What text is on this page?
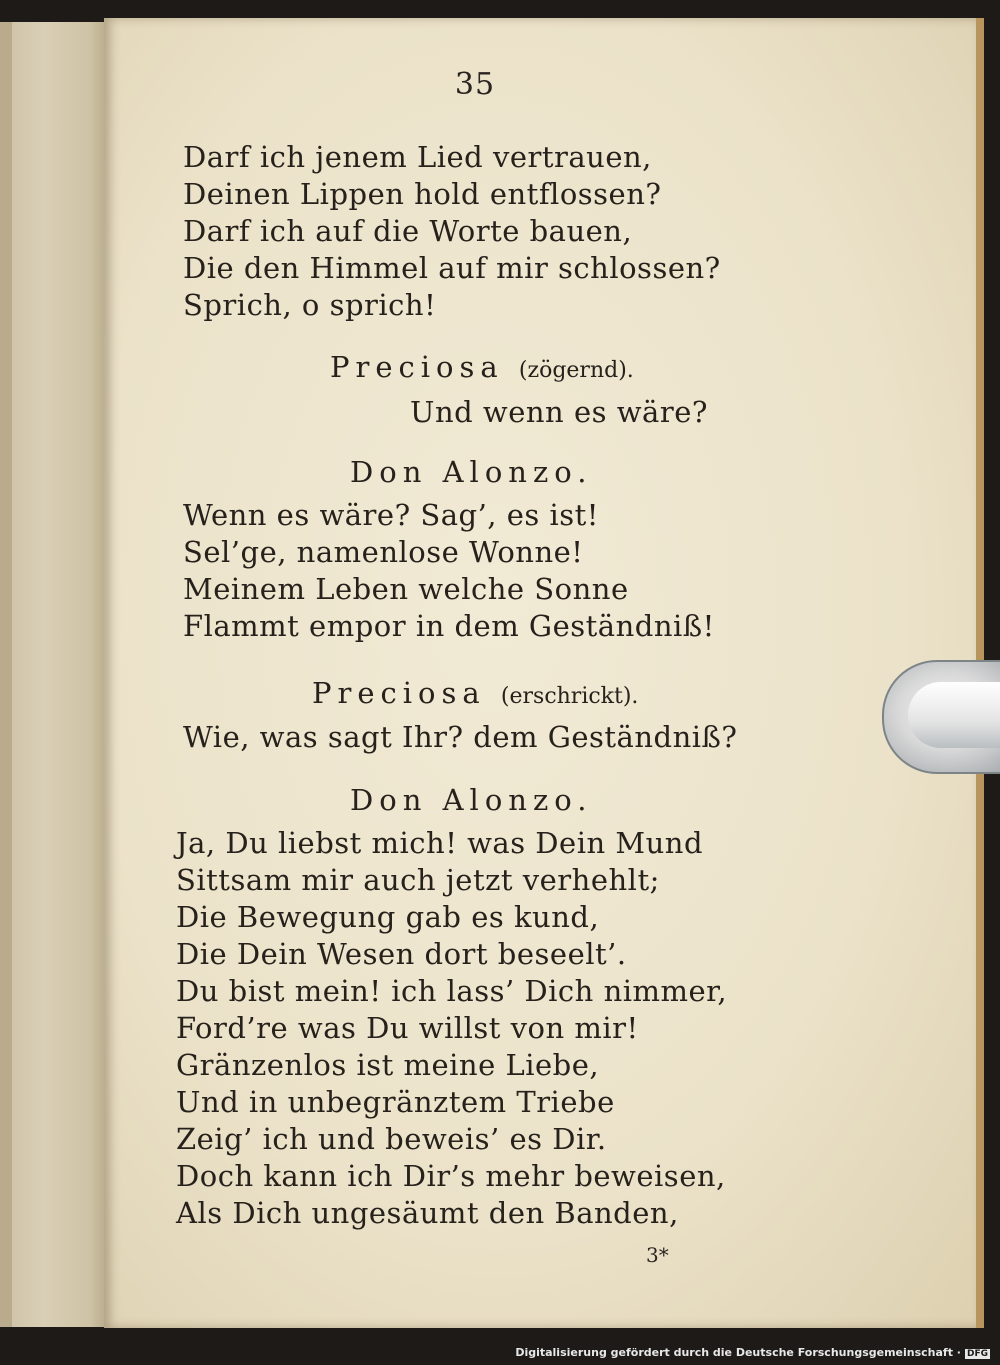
35
Darf ich jenem Lied vertrauen,
Deinen Lippen hold entflossen?
Darf ich auf die Worte bauen,
Die den Himmel auf mir schlossen?
Sprich, o sprich!
Preciosa (zögernd).
Und wenn es wäre?
Don Alonzo.
Wenn es wäre? Sag’, es ist!
Sel’ge, namenlose Wonne!
Meinem Leben welche Sonne
Flammt empor in dem Geständniß!
Preciosa (erschrickt).
Wie, was sagt Ihr? dem Geständniß?
Don Alonzo.
Ja, Du liebst mich! was Dein Mund
Sittsam mir auch jetzt verhehlt;
Die Bewegung gab es kund,
Die Dein Wesen dort beseelt’.
Du bist mein! ich lass’ Dich nimmer,
Ford’re was Du willst von mir!
Gränzenlos ist meine Liebe,
Und in unbegränztem Triebe
Zeig’ ich und beweis’ es Dir.
Doch kann ich Dir’s mehr beweisen,
Als Dich ungesäumt den Banden,
3*
Digitalisierung gefördert durch die Deutsche Forschungsgemeinschaft · DFG
